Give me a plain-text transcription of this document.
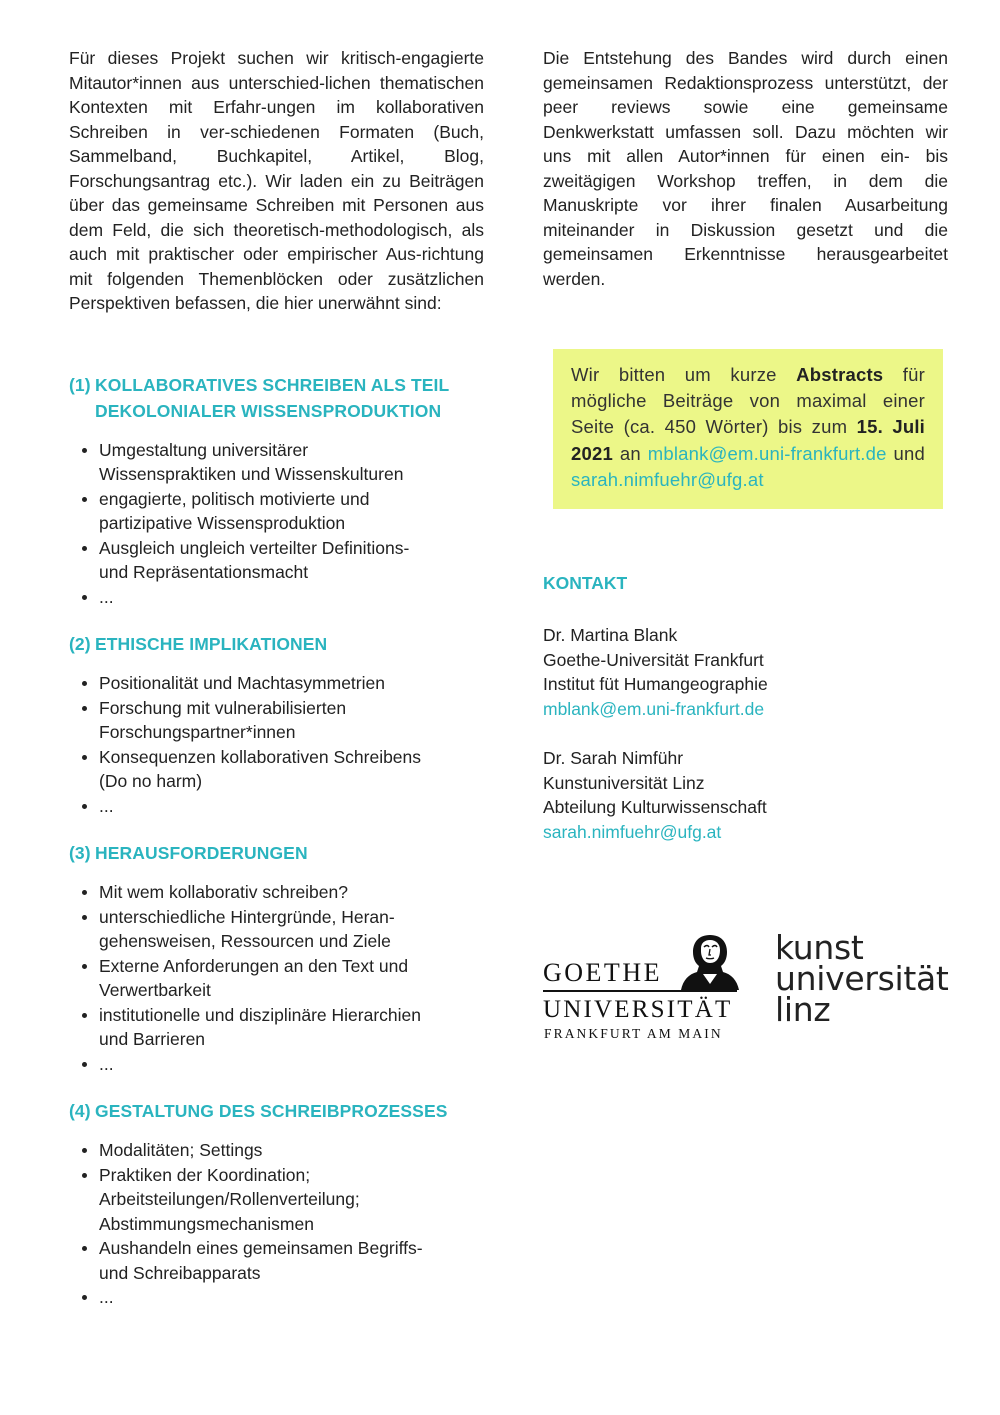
Für dieses Projekt suchen wir kritisch-engagierte Mitautor*innen aus unterschied-lichen thematischen Kontexten mit Erfahr-ungen im kollaborativen Schreiben in ver-schiedenen Formaten (Buch, Sammelband, Buchkapitel, Artikel, Blog, Forschungsantrag etc.). Wir laden ein zu Beiträgen über das gemeinsame Schreiben mit Personen aus dem Feld, die sich theoretisch-methodologisch, als auch mit praktischer oder empirischer Aus-richtung mit folgenden Themenblöcken oder zusätzlichen Perspektiven befassen, die hier unerwähnt sind:

(1) KOLLABORATIVES SCHREIBEN ALS TEIL
DEKOLONIALER WISSENSPRODUKTION
Umgestaltung universitärer
Wissenspraktiken und Wissenskulturen
engagierte, politisch motivierte und
partizipative Wissensproduktion
Ausgleich ungleich verteilter Definitions-
und Repräsentationsmacht
...
(2) ETHISCHE IMPLIKATIONEN
Positionalität und Machtasymmetrien
Forschung mit vulnerabilisierten
Forschungspartner*innen
Konsequenzen kollaborativen Schreibens
(Do no harm)
...
(3) HERAUSFORDERUNGEN
Mit wem kollaborativ schreiben?
unterschiedliche Hintergründe, Heran-
gehensweisen, Ressourcen und Ziele
Externe Anforderungen an den Text und
Verwertbarkeit
institutionelle und disziplinäre Hierarchien
und Barrieren
...
(4) GESTALTUNG DES SCHREIBPROZESSES
Modalitäten; Settings
Praktiken der Koordination;
Arbeitsteilungen/Rollenverteilung;
Abstimmungsmechanismen
Aushandeln eines gemeinsamen Begriffs-
und Schreibapparats
...

Die Entstehung des Bandes wird durch einen gemeinsamen Redaktionsprozess unterstützt, der peer reviews sowie eine gemeinsame Denkwerkstatt umfassen soll. Dazu möchten wir uns mit allen Autor*innen für einen ein- bis zweitägigen Workshop treffen, in dem die Manuskripte vor ihrer finalen Ausarbeitung miteinander in Diskussion gesetzt und die gemeinsamen Erkenntnisse herausgearbeitet werden.

Wir bitten um kurze Abstracts für mögliche Beiträge von maximal einer Seite (ca. 450 Wörter) bis zum 15. Juli 2021 an mblank@em.uni-frankfurt.de und sarah.nimfuehr@ufg.at

KONTAKT
Dr. Martina Blank
Goethe-Universität Frankfurt
Institut füt Humangeographie
mblank@em.uni-frankfurt.de
Dr. Sarah Nimführ
Kunstuniversität Linz
Abteilung Kulturwissenschaft
sarah.nimfuehr@ufg.at
GOETHE
UNIVERSITÄT
FRANKFURT AM MAIN
kunst
universität
linz
